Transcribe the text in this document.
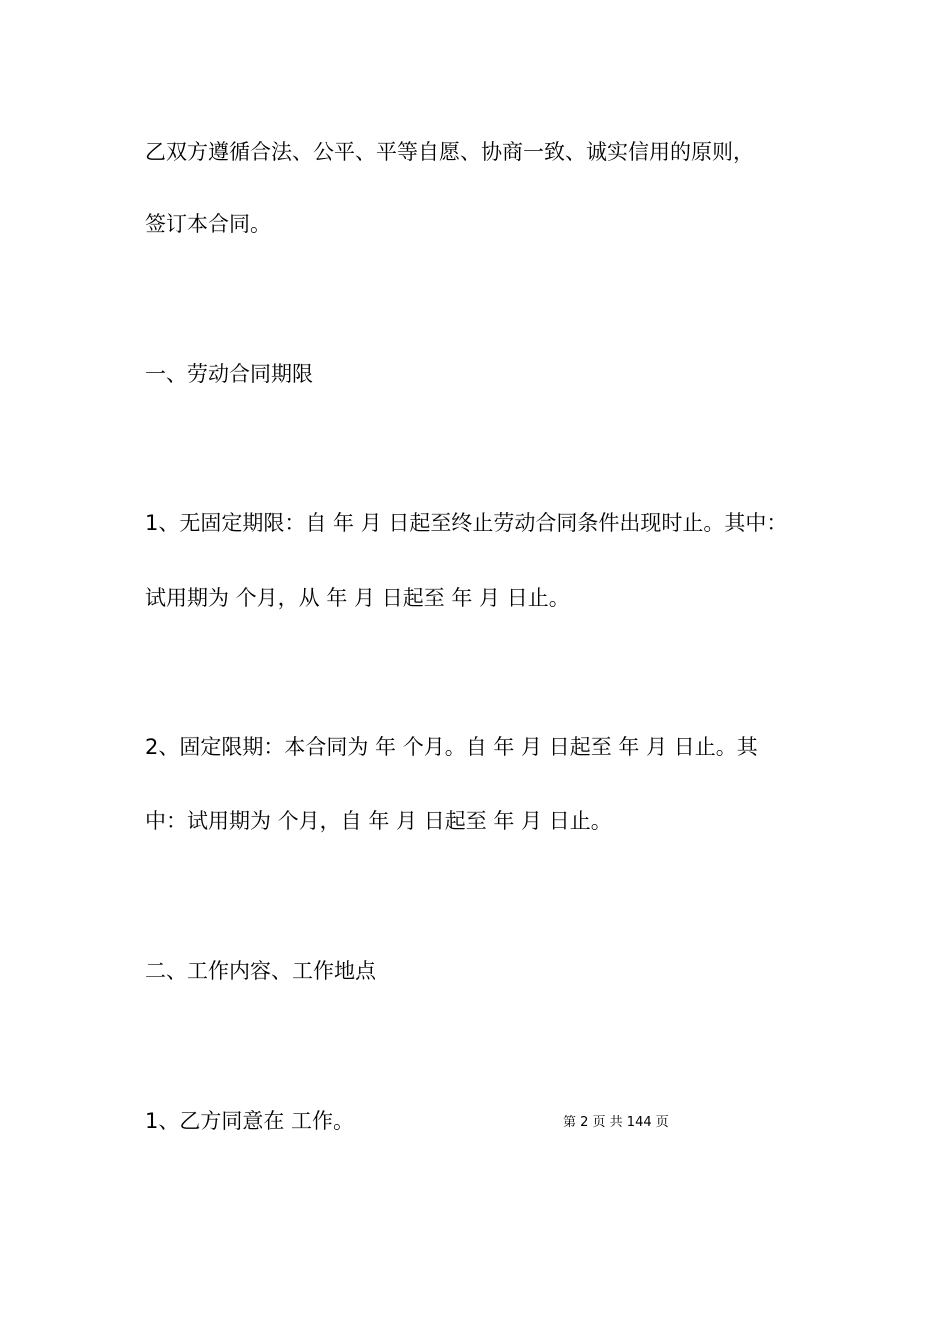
乙双方遵循合法、公平、平等自愿、协商一致、诚实信用的原则，
签订本合同。
一、劳动合同期限
1、无固定期限：自 年 月 日起至终止劳动合同条件出现时止。其中：
试用期为 个月，从 年 月 日起至 年 月 日止。
2、固定限期：本合同为 年 个月。自 年 月 日起至 年 月 日止。其
中：试用期为 个月，自 年 月 日起至 年 月 日止。
二、工作内容、工作地点
1、乙方同意在 工作。	第 2 页 共 144 页
